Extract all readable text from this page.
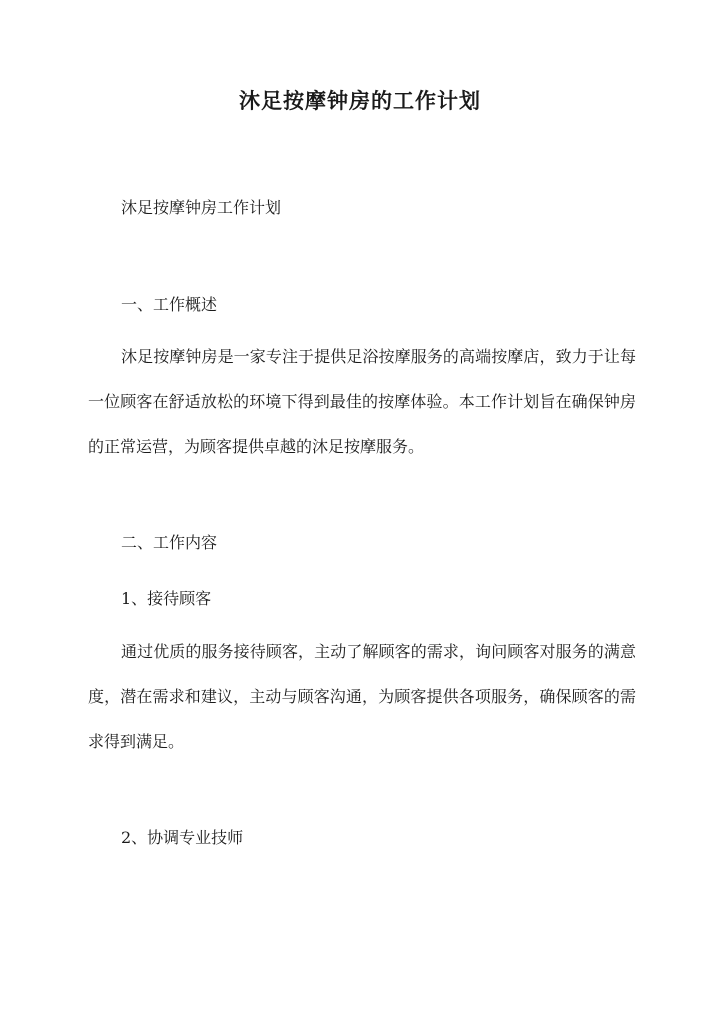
沐足按摩钟房的工作计划
沐足按摩钟房工作计划
一、工作概述
沐足按摩钟房是一家专注于提供足浴按摩服务的高端按摩店，致力于让每一位顾客在舒适放松的环境下得到最佳的按摩体验。本工作计划旨在确保钟房的正常运营，为顾客提供卓越的沐足按摩服务。
二、工作内容
1、接待顾客
通过优质的服务接待顾客，主动了解顾客的需求，询问顾客对服务的满意度，潜在需求和建议，主动与顾客沟通，为顾客提供各项服务，确保顾客的需求得到满足。
2、协调专业技师
